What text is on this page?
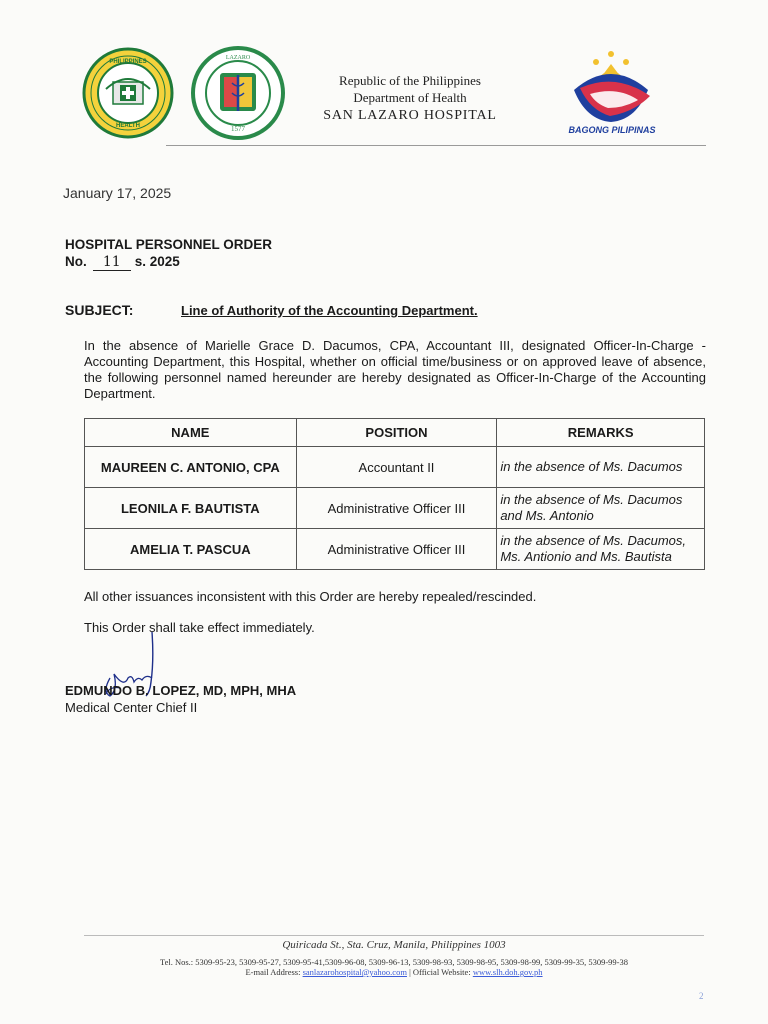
HEALTH
PHILIPPINES
1577
LAZARO
Republic of the Philippines
Department of Health
SAN LAZARO HOSPITAL
BAGONG PILIPINAS
January 17, 2025
HOSPITAL PERSONNEL ORDER
No. 11 s. 2025
SUBJECT:	Line of Authority of the Accounting Department.
In the absence of Marielle Grace D. Dacumos, CPA, Accountant III, designated Officer-In-Charge - Accounting Department, this Hospital, whether on official time/business or on approved leave of absence, the following personnel named hereunder are hereby designated as Officer-In-Charge of the Accounting Department.
NAME	POSITION	REMARKS
MAUREEN C. ANTONIO, CPA	Accountant II	in the absence of Ms. Dacumos
LEONILA F. BAUTISTA	Administrative Officer III	in the absence of Ms. Dacumos and Ms. Antonio
AMELIA T. PASCUA	Administrative Officer III	in the absence of Ms. Dacumos, Ms. Antionio and Ms. Bautista
All other issuances inconsistent with this Order are hereby repealed/rescinded.
This Order shall take effect immediately.
EDMUNDO B. LOPEZ, MD, MPH, MHA
Medical Center Chief II
Quiricada St., Sta. Cruz, Manila, Philippines 1003
Tel. Nos.: 5309-95-23, 5309-95-27, 5309-95-41,5309-96-08, 5309-96-13, 5309-98-93, 5309-98-95, 5309-98-99, 5309-99-35, 5309-99-38
E-mail Address: sanlazarohospital@yahoo.com | Official Website: www.slh.doh.gov.ph
2
